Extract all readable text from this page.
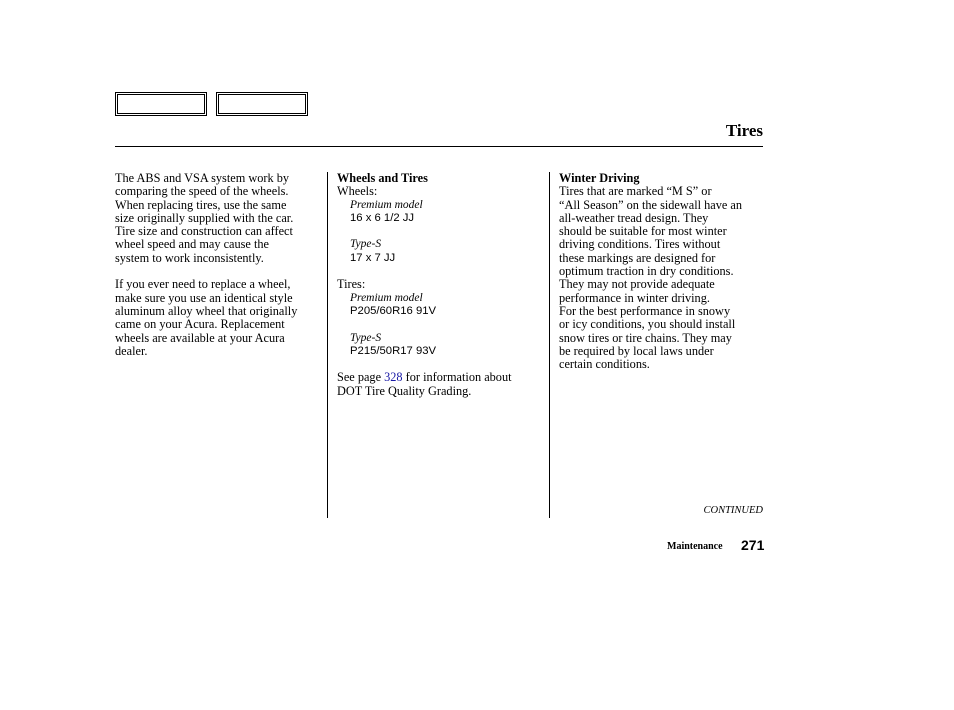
Tires

The ABS and VSA system work by

comparing the speed of the wheels.

When replacing tires, use the same

size originally supplied with the car.

Tire size and construction can affect

wheel speed and may cause the

system to work inconsistently.

If you ever need to replace a wheel,

make sure you use an identical style

aluminum alloy wheel that originally

came on your Acura. Replacement

wheels are available at your Acura

dealer.

Wheels and Tires

Wheels:

Premium model

16 x 6 1/2 JJ

Type-S

17 x 7 JJ

Tires:

Premium model

P205/60R16 91V

Type-S

P215/50R17 93V

See page 328 for information about

DOT Tire Quality Grading.

Winter Driving

Tires that are marked “M S” or

“All Season” on the sidewall have an

all-weather tread design. They

should be suitable for most winter

driving conditions. Tires without

these markings are designed for

optimum traction in dry conditions.

They may not provide adequate

performance in winter driving.

For the best performance in snowy

or icy conditions, you should install

snow tires or tire chains. They may

be required by local laws under

certain conditions.

CONTINUED
Maintenance 271
